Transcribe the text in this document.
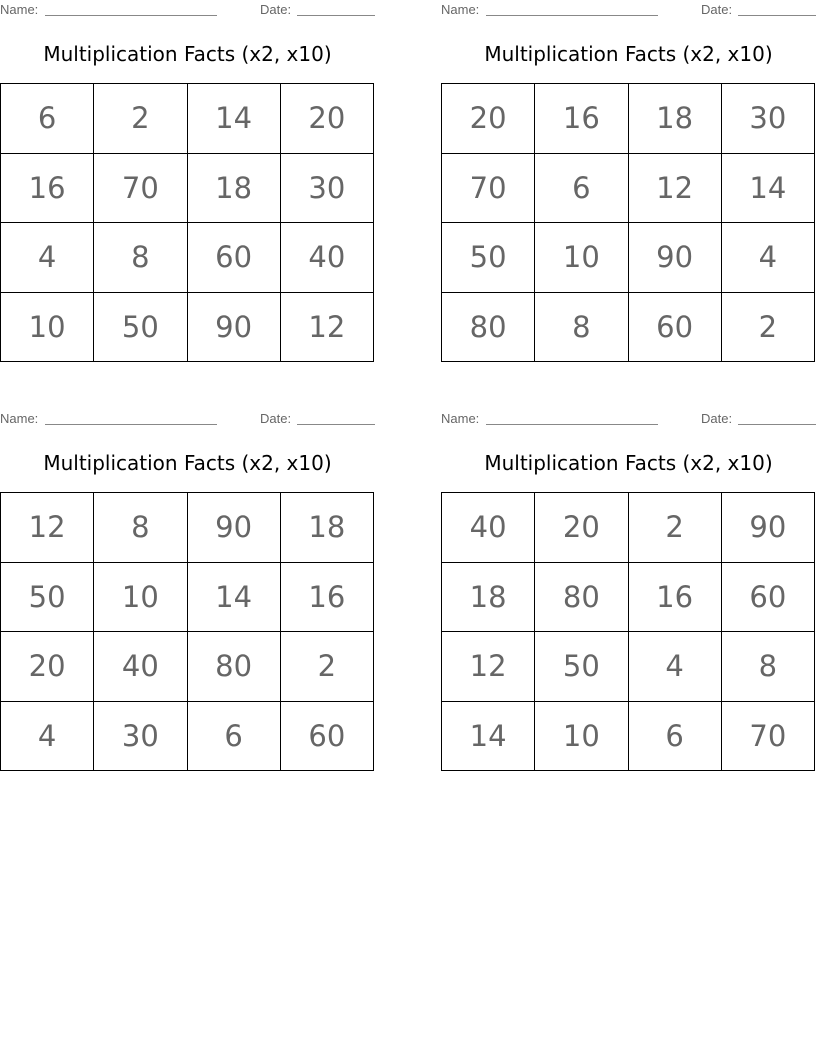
Name:	Date:
Multiplication Facts (x2, x10)
6	2	14	20
16	70	18	30
4	8	60	40
10	50	90	12
Name:	Date:
Multiplication Facts (x2, x10)
20	16	18	30
70	6	12	14
50	10	90	4
80	8	60	2
Name:	Date:
Multiplication Facts (x2, x10)
12	8	90	18
50	10	14	16
20	40	80	2
4	30	6	60
Name:	Date:
Multiplication Facts (x2, x10)
40	20	2	90
18	80	16	60
12	50	4	8
14	10	6	70
